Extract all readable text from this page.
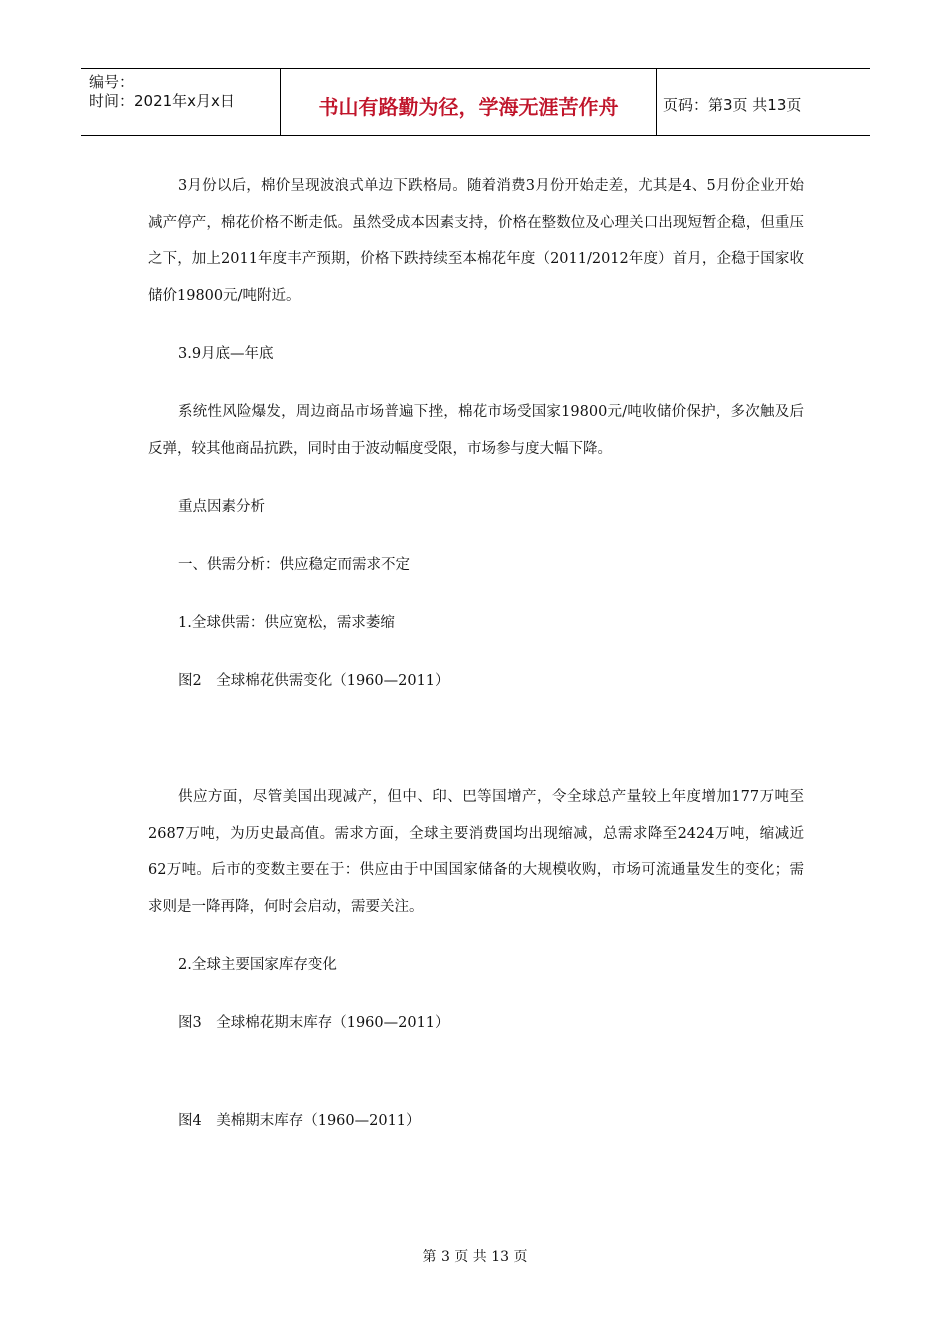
编号：
时间：2021年x月x日	书山有路勤为径，学海无涯苦作舟	页码：第3页 共13页

3月份以后，棉价呈现波浪式单边下跌格局。随着消费3月份开始走差，尤其是4、5月份企业开始减产停产，棉花价格不断走低。虽然受成本因素支持，价格在整数位及心理关口出现短暂企稳，但重压之下，加上2011年度丰产预期，价格下跌持续至本棉花年度（2011/2012年度）首月，企稳于国家收储价19800元/吨附近。

3.9月底—年底

系统性风险爆发，周边商品市场普遍下挫，棉花市场受国家19800元/吨收储价保护，多次触及后反弹，较其他商品抗跌，同时由于波动幅度受限，市场参与度大幅下降。

重点因素分析

一、供需分析：供应稳定而需求不定

1.全球供需：供应宽松，需求萎缩

图2　全球棉花供需变化（1960—2011）

供应方面，尽管美国出现减产，但中、印、巴等国增产，令全球总产量较上年度增加177万吨至2687万吨，为历史最高值。需求方面，全球主要消费国均出现缩减，总需求降至2424万吨，缩减近62万吨。后市的变数主要在于：供应由于中国国家储备的大规模收购，市场可流通量发生的变化；需求则是一降再降，何时会启动，需要关注。

2.全球主要国家库存变化

图3　全球棉花期末库存（1960—2011）

图4　美棉期末库存（1960—2011）

第 3 页 共 13 页
